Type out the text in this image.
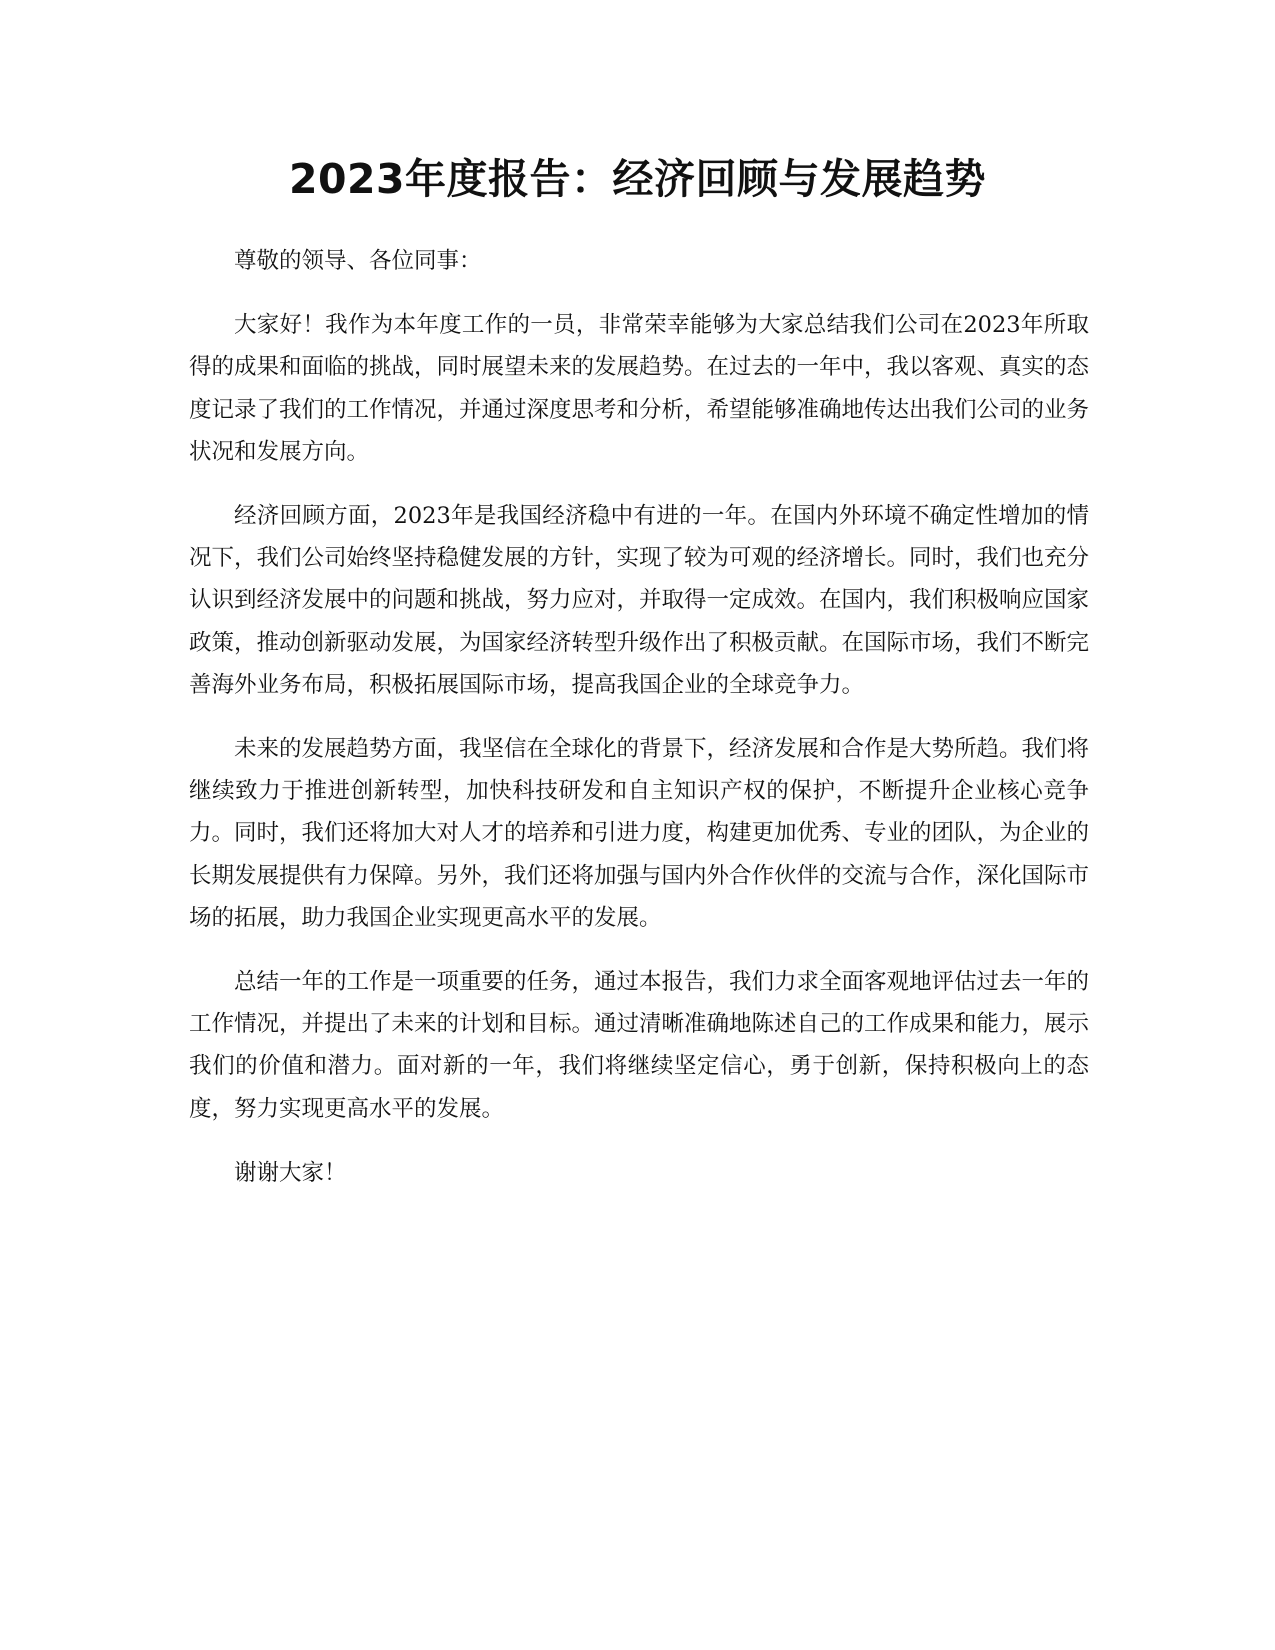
2023年度报告：经济回顾与发展趋势

尊敬的领导、各位同事：

大家好！我作为本年度工作的一员，非常荣幸能够为大家总结我们公司在2023年所取得的成果和面临的挑战，同时展望未来的发展趋势。在过去的一年中，我以客观、真实的态度记录了我们的工作情况，并通过深度思考和分析，希望能够准确地传达出我们公司的业务状况和发展方向。

经济回顾方面，2023年是我国经济稳中有进的一年。在国内外环境不确定性增加的情况下，我们公司始终坚持稳健发展的方针，实现了较为可观的经济增长。同时，我们也充分认识到经济发展中的问题和挑战，努力应对，并取得一定成效。在国内，我们积极响应国家政策，推动创新驱动发展，为国家经济转型升级作出了积极贡献。在国际市场，我们不断完善海外业务布局，积极拓展国际市场，提高我国企业的全球竞争力。

未来的发展趋势方面，我坚信在全球化的背景下，经济发展和合作是大势所趋。我们将继续致力于推进创新转型，加快科技研发和自主知识产权的保护，不断提升企业核心竞争力。同时，我们还将加大对人才的培养和引进力度，构建更加优秀、专业的团队，为企业的长期发展提供有力保障。另外，我们还将加强与国内外合作伙伴的交流与合作，深化国际市场的拓展，助力我国企业实现更高水平的发展。

总结一年的工作是一项重要的任务，通过本报告，我们力求全面客观地评估过去一年的工作情况，并提出了未来的计划和目标。通过清晰准确地陈述自己的工作成果和能力，展示我们的价值和潜力。面对新的一年，我们将继续坚定信心，勇于创新，保持积极向上的态度，努力实现更高水平的发展。

谢谢大家！
